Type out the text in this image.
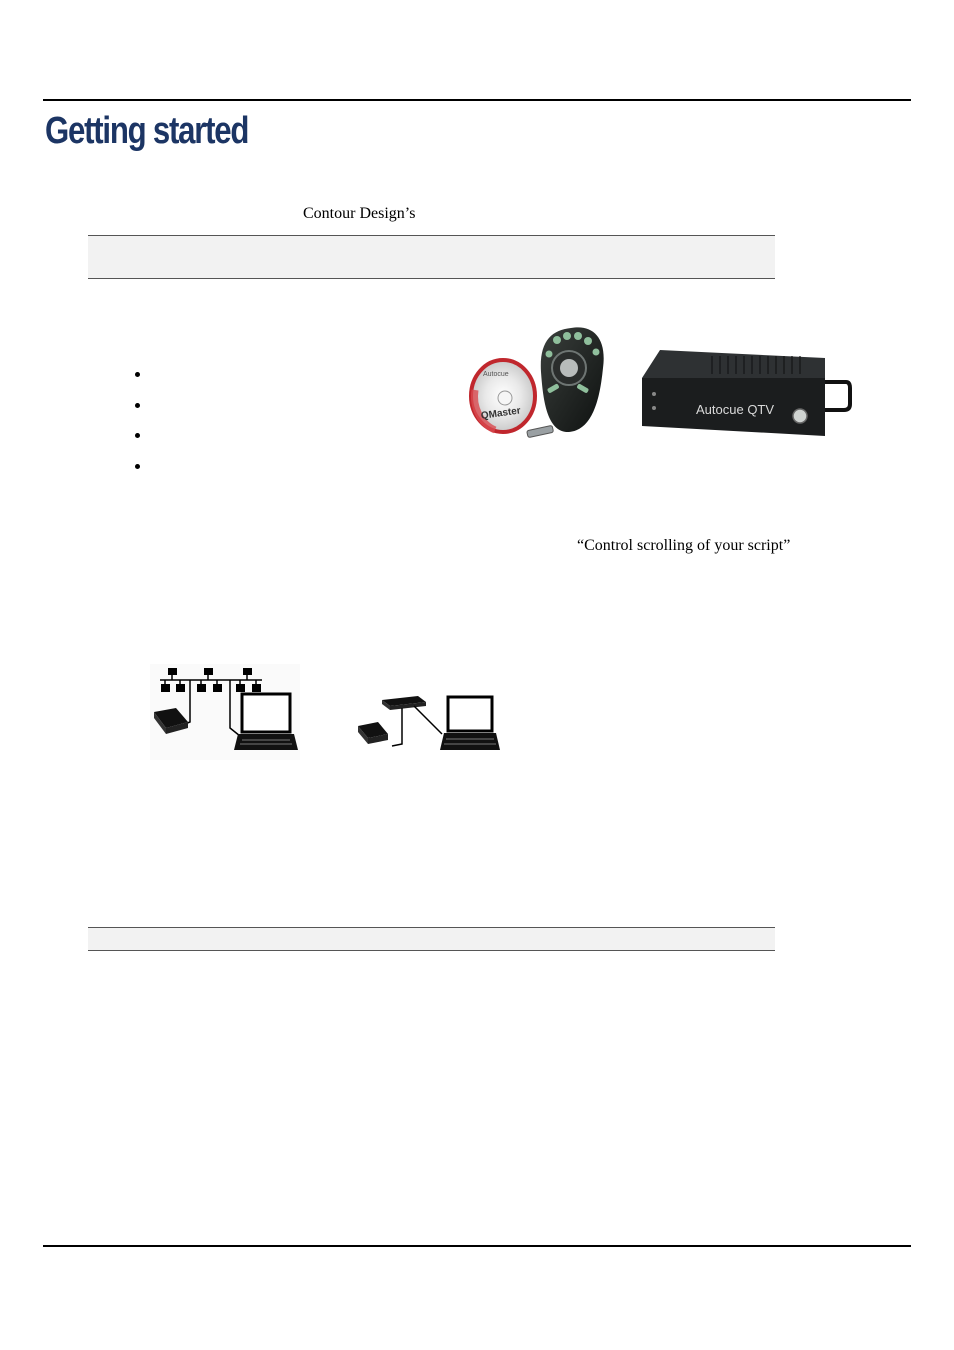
Getting started
Contour Design’s
Autocue
QMaster	Autocue QTV
“Control scrolling of your script”
